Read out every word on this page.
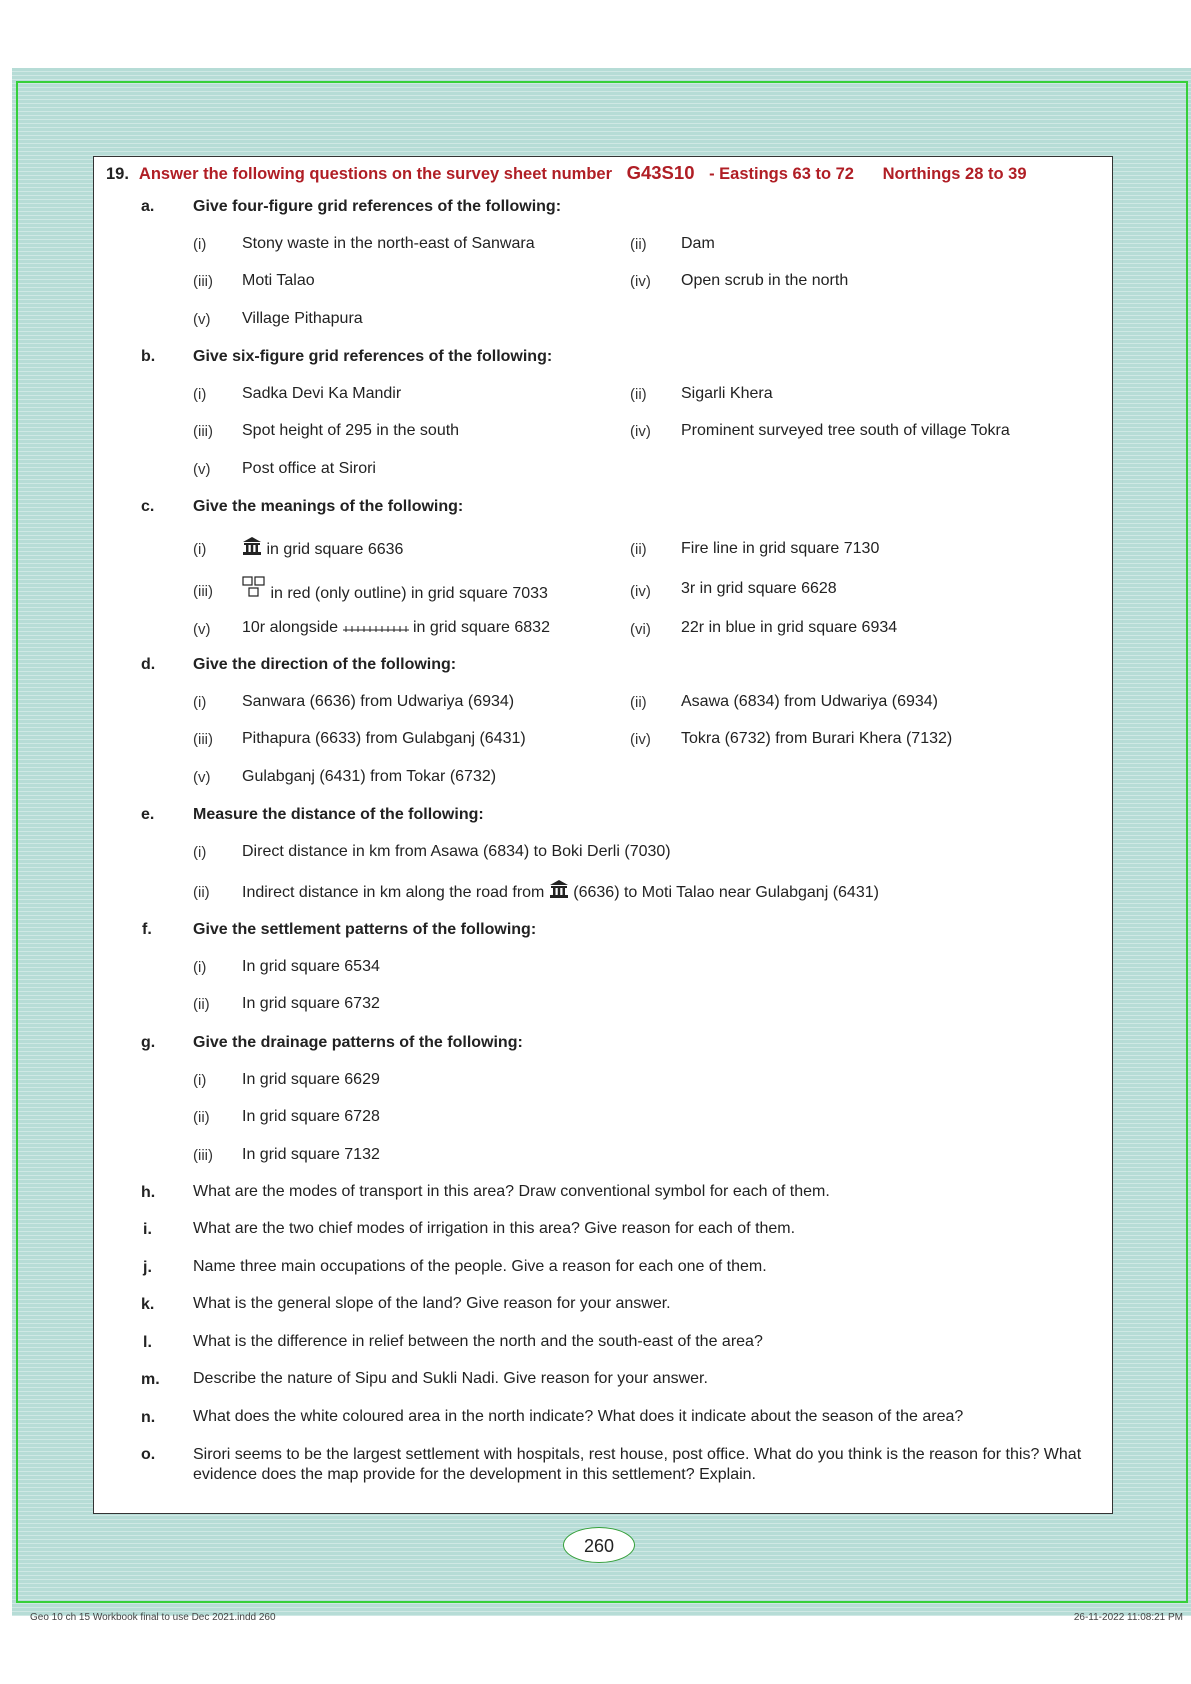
19. Answer the following questions on the survey sheet number G43S10 - Eastings 63 to 72 Northings 28 to 39
a. Give four-figure grid references of the following:
(i) Stony waste in the north-east of Sanwara	(ii) Dam
(iii) Moti Talao	(iv) Open scrub in the north
(v) Village Pithapura
b. Give six-figure grid references of the following:
(i) Sadka Devi Ka Mandir	(ii) Sigarli Khera
(iii) Spot height of 295 in the south	(iv) Prominent surveyed tree south of village Tokra
(v) Post office at Sirori
c. Give the meanings of the following:
(i)	in grid square 6636	(ii) Fire line in grid square 7130
(iii)	in red (only outline) in grid square 7033	(iv) 3r in grid square 6628
(v) 10r alongside	in grid square 6832	(vi) 22r in blue in grid square 6934
d. Give the direction of the following:
(i) Sanwara (6636) from Udwariya (6934)	(ii) Asawa (6834) from Udwariya (6934)
(iii) Pithapura (6633) from Gulabganj (6431)	(iv) Tokra (6732) from Burari Khera (7132)
(v) Gulabganj (6431) from Tokar (6732)
e. Measure the distance of the following:
(i) Direct distance in km from Asawa (6834) to Boki Derli (7030)
(ii) Indirect distance in km along the road from (6636) to Moti Talao near Gulabganj (6431)
f.	Give the settlement patterns of the following:
(i) In grid square 6534
(ii) In grid square 6732
g. Give the drainage patterns of the following:
(i) In grid square 6629
(ii) In grid square 6728
(iii) In grid square 7132
h. What are the modes of transport in this area? Draw conventional symbol for each of them.
i.	What are the two chief modes of irrigation in this area? Give reason for each of them.
j.	Name three main occupations of the people. Give a reason for each one of them.
k. What is the general slope of the land? Give reason for your answer.
l.	What is the difference in relief between the north and the south-east of the area?
m. Describe the nature of Sipu and Sukli Nadi. Give reason for your answer.
n. What does the white coloured area in the north indicate? What does it indicate about the season of the area?
o. Sirori seems to be the largest settlement with hospitals, rest house, post office. What do you think is the reason for this? What evidence does the map provide for the development in this settlement? Explain.
260
Geo 10 ch 15 Workbook final to use Dec 2021.indd 260	26-11-2022 11:08:21 PM
